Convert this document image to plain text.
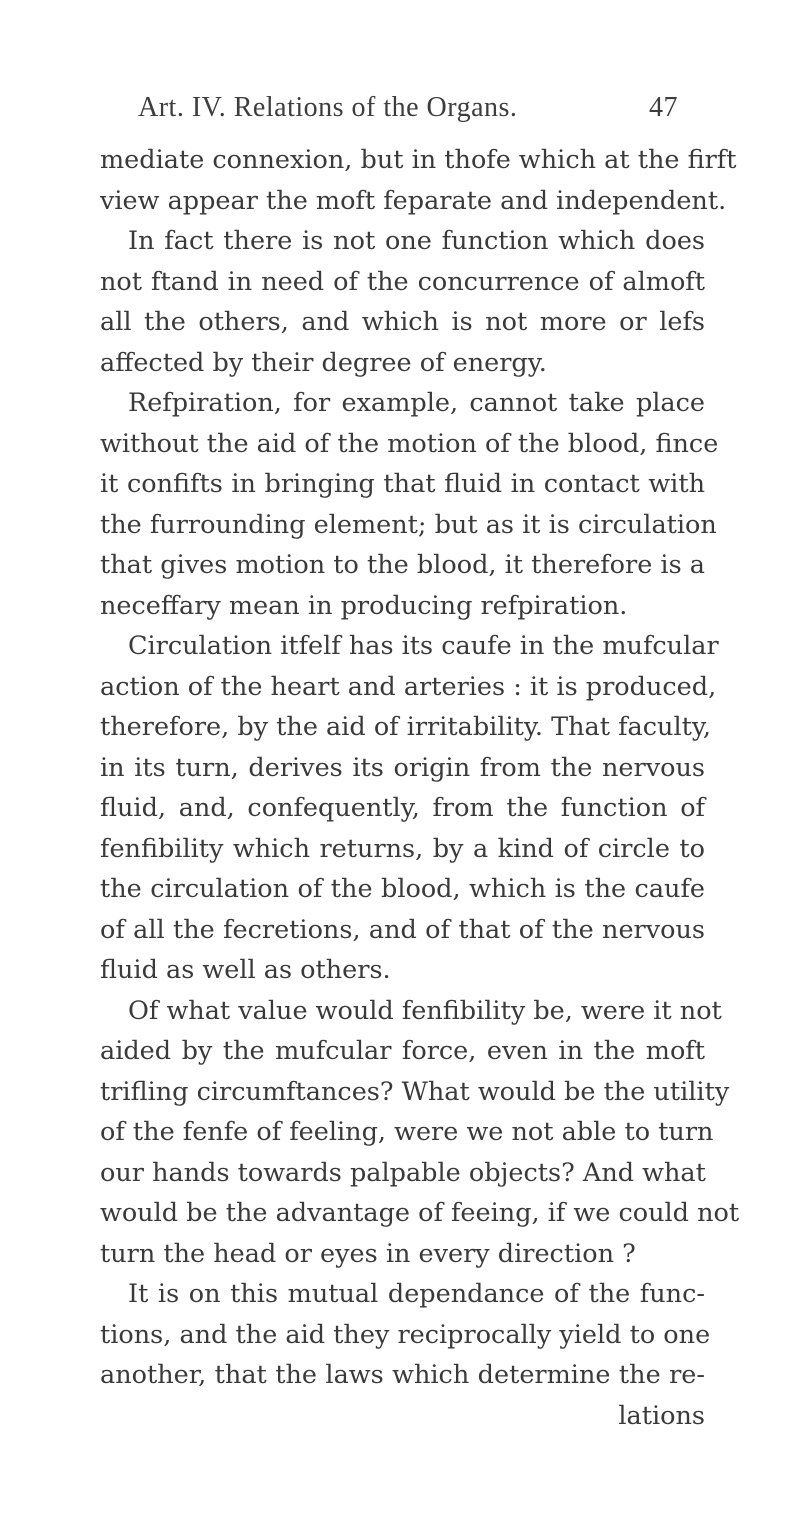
Art. IV. Relations of the Organs.	47
mediate connexion, but in thofe which at the firft
view appear the moft feparate and independent.
In fact there is not one function which does
not ftand in need of the concurrence of almoft
all the others, and which is not more or lefs
affected by their degree of energy.
Refpiration, for example, cannot take place
without the aid of the motion of the blood, fince
it confifts in bringing that fluid in contact with
the furrounding element; but as it is circulation
that gives motion to the blood, it therefore is a
neceffary mean in producing refpiration.
Circulation itfelf has its caufe in the mufcular
action of the heart and arteries : it is produced,
therefore, by the aid of irritability. That faculty,
in its turn, derives its origin from the nervous
fluid, and, confequently, from the function of
fenfibility which returns, by a kind of circle to
the circulation of the blood, which is the caufe
of all the fecretions, and of that of the nervous
fluid as well as others.
Of what value would fenfibility be, were it not
aided by the mufcular force, even in the moft
trifling circumftances? What would be the utility
of the fenfe of feeling, were we not able to turn
our hands towards palpable objects? And what
would be the advantage of feeing, if we could not
turn the head or eyes in every direction ?
It is on this mutual dependance of the func-
tions, and the aid they reciprocally yield to one
another, that the laws which determine the re-
lations
